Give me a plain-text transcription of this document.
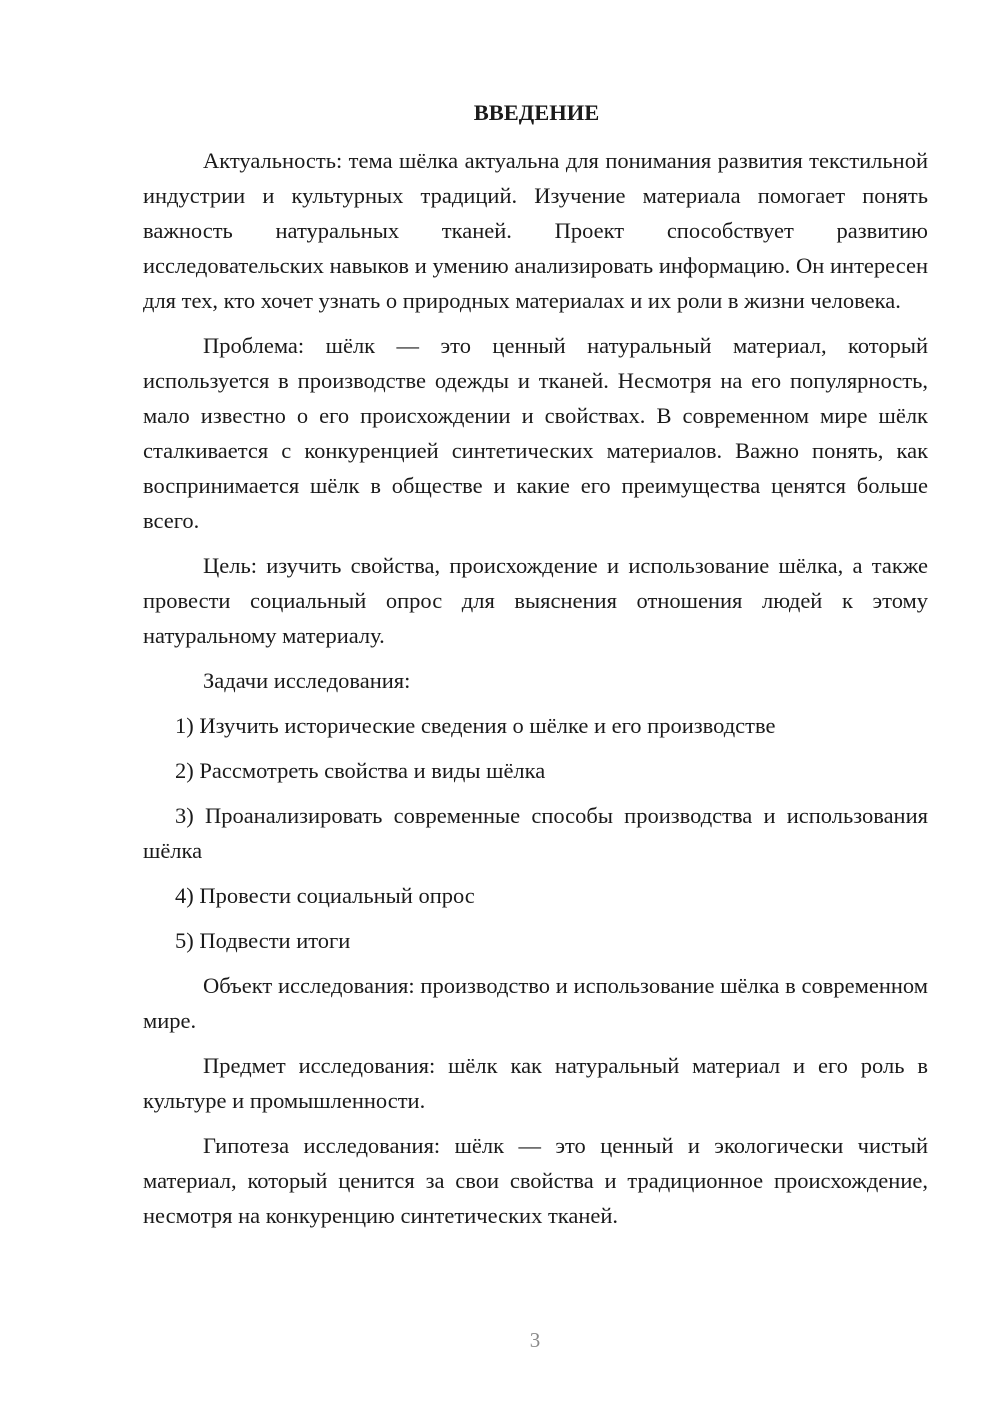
ВВЕДЕНИЕ

Актуальность: тема шёлка актуальна для понимания развития текстильной индустрии и культурных традиций. Изучение материала помогает понять важность натуральных тканей. Проект способствует развитию исследовательских навыков и умению анализировать информацию. Он интересен для тех, кто хочет узнать о природных материалах и их роли в жизни человека.

Проблема: шёлк — это ценный натуральный материал, который используется в производстве одежды и тканей. Несмотря на его популярность, мало известно о его происхождении и свойствах. В современном мире шёлк сталкивается с конкуренцией синтетических материалов. Важно понять, как воспринимается шёлк в обществе и какие его преимущества ценятся больше всего.

Цель: изучить свойства, происхождение и использование шёлка, а также провести социальный опрос для выяснения отношения людей к этому натуральному материалу.

Задачи исследования:

1) Изучить исторические сведения о шёлке и его производстве

2) Рассмотреть свойства и виды шёлка

3) Проанализировать современные способы производства и использования шёлка

4) Провести социальный опрос

5) Подвести итоги

Объект исследования: производство и использование шёлка в современном мире.

Предмет исследования: шёлк как натуральный материал и его роль в культуре и промышленности.

Гипотеза исследования: шёлк — это ценный и экологически чистый материал, который ценится за свои свойства и традиционное происхождение, несмотря на конкуренцию синтетических тканей.

3
